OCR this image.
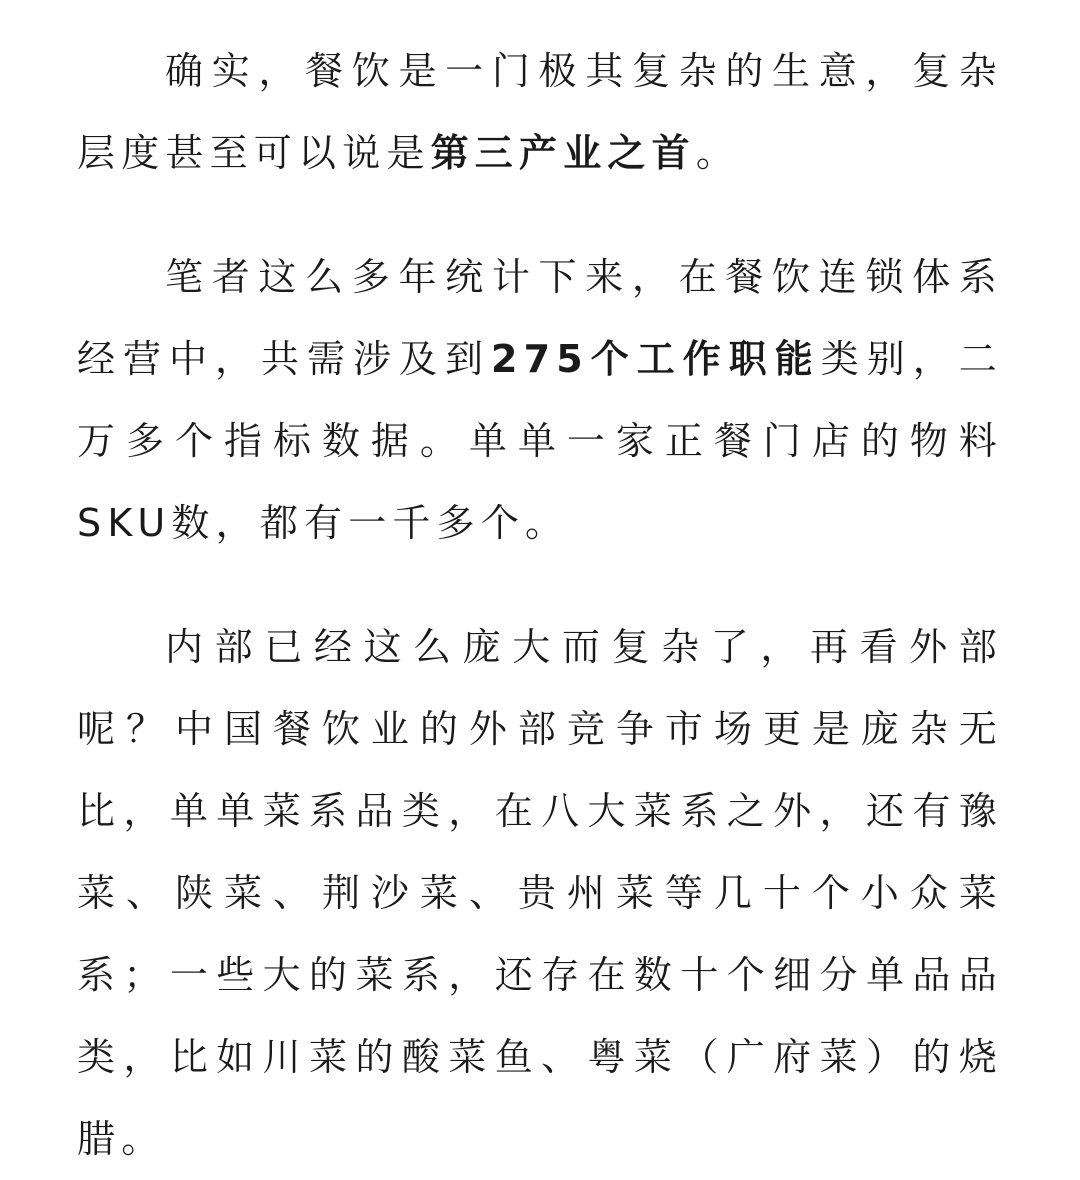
确实，餐饮是一门极其复杂的生意，复杂层度甚至可以说是第三产业之首。

笔者这么多年统计下来，在餐饮连锁体系经营中，共需涉及到275个工作职能类别，二万多个指标数据。单单一家正餐门店的物料SKU数，都有一千多个。

内部已经这么庞大而复杂了，再看外部呢？中国餐饮业的外部竞争市场更是庞杂无比，单单菜系品类，在八大菜系之外，还有豫菜、陕菜、荆沙菜、贵州菜等几十个小众菜系；一些大的菜系，还存在数十个细分单品品类，比如川菜的酸菜鱼、粤菜（广府菜）的烧腊。
